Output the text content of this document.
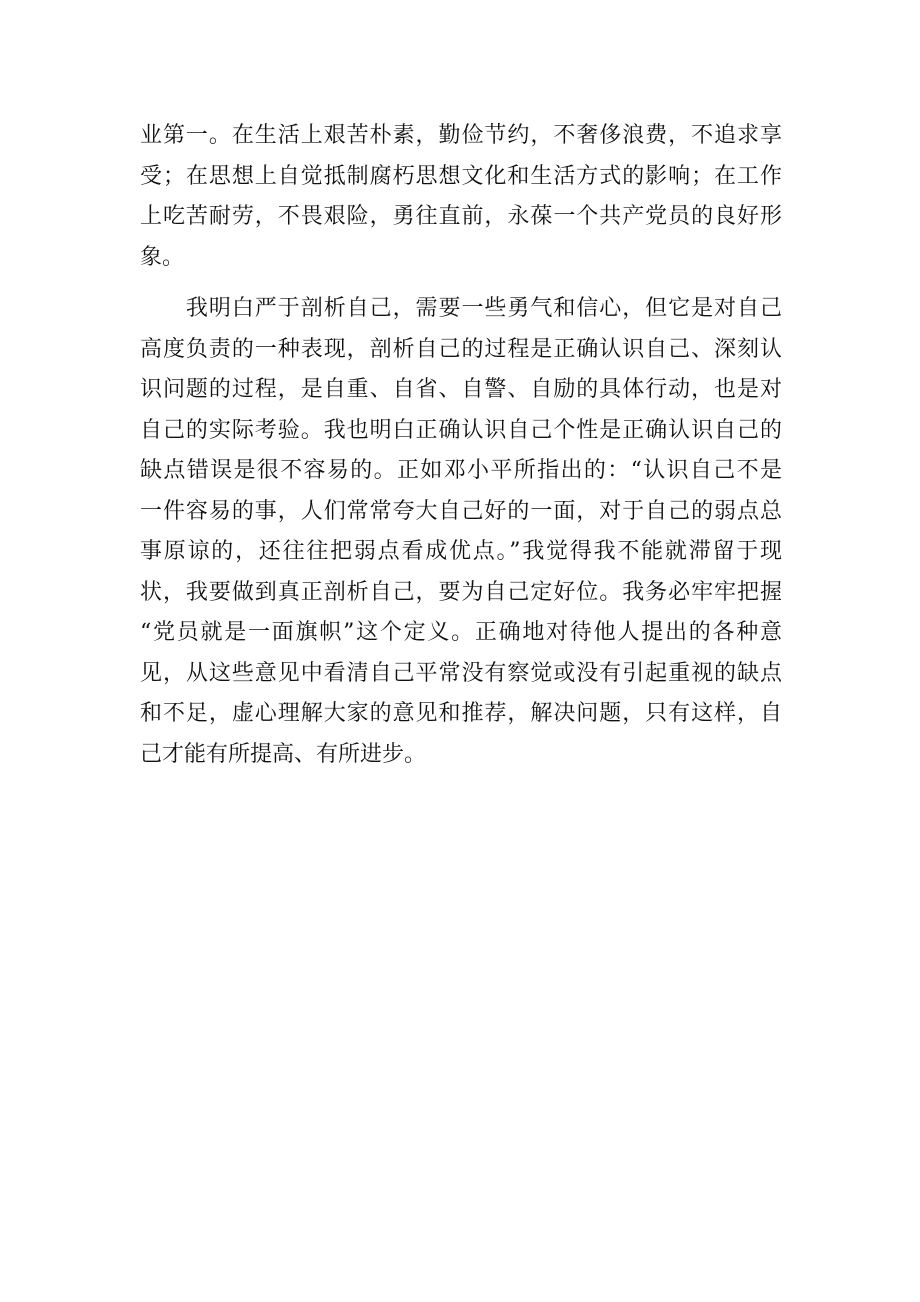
业第一。在生活上艰苦朴素，勤俭节约，不奢侈浪费，不追求享
受；在思想上自觉抵制腐朽思想文化和生活方式的影响；在工作
上吃苦耐劳，不畏艰险，勇往直前，永葆一个共产党员的良好形
象。
　　我明白严于剖析自己，需要一些勇气和信心，但它是对自己
高度负责的一种表现，剖析自己的过程是正确认识自己、深刻认
识问题的过程，是自重、自省、自警、自励的具体行动，也是对
自己的实际考验。我也明白正确认识自己个性是正确认识自己的
缺点错误是很不容易的。正如邓小平所指出的：“认识自己不是
一件容易的事，人们常常夸大自己好的一面，对于自己的弱点总
事原谅的，还往往把弱点看成优点。”我觉得我不能就滞留于现
状，我要做到真正剖析自己，要为自己定好位。我务必牢牢把握
“党员就是一面旗帜”这个定义。正确地对待他人提出的各种意
见，从这些意见中看清自己平常没有察觉或没有引起重视的缺点
和不足，虚心理解大家的意见和推荐，解决问题，只有这样，自
己才能有所提高、有所进步。
